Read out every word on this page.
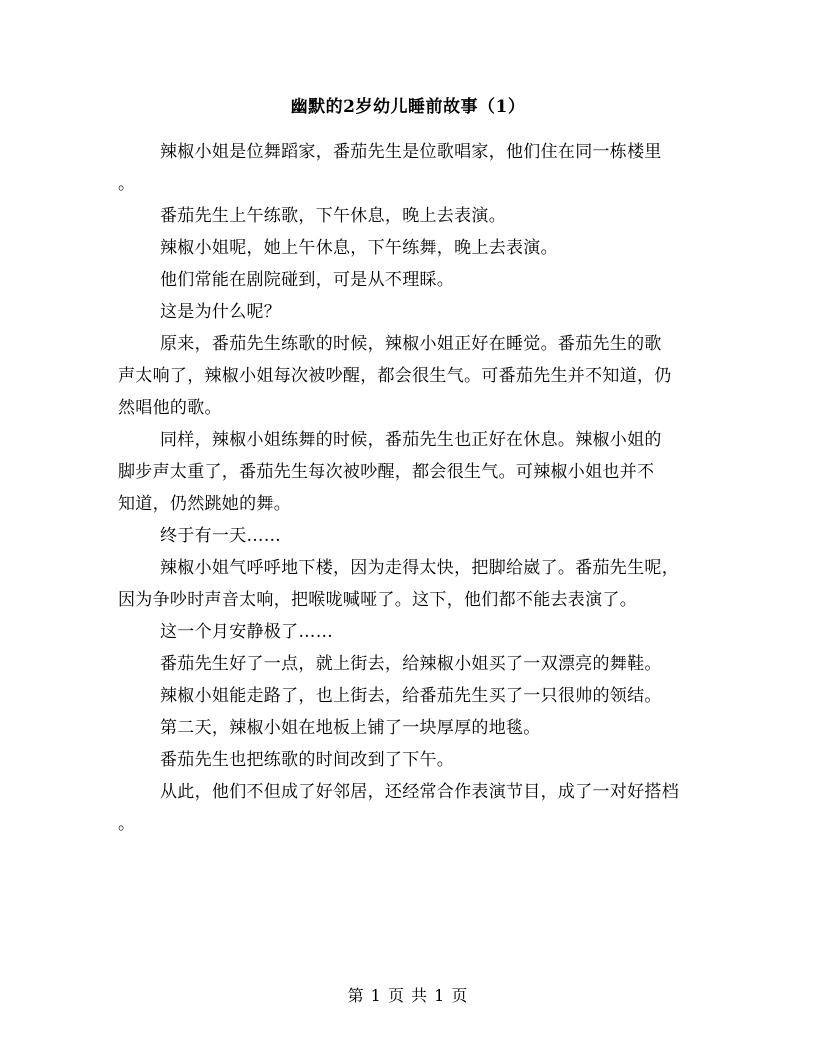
幽默的2岁幼儿睡前故事（1）

辣椒小姐是位舞蹈家，番茄先生是位歌唱家，他们住在同一栋楼里
。

番茄先生上午练歌，下午休息，晚上去表演。

辣椒小姐呢，她上午休息，下午练舞，晚上去表演。

他们常能在剧院碰到，可是从不理睬。

这是为什么呢？

原来，番茄先生练歌的时候，辣椒小姐正好在睡觉。番茄先生的歌
声太响了，辣椒小姐每次被吵醒，都会很生气。可番茄先生并不知道，仍
然唱他的歌。

同样，辣椒小姐练舞的时候，番茄先生也正好在休息。辣椒小姐的
脚步声太重了，番茄先生每次被吵醒，都会很生气。可辣椒小姐也并不
知道，仍然跳她的舞。

终于有一天……

辣椒小姐气呼呼地下楼，因为走得太快，把脚给崴了。番茄先生呢，
因为争吵时声音太响，把喉咙喊哑了。这下，他们都不能去表演了。

这一个月安静极了……

番茄先生好了一点，就上街去，给辣椒小姐买了一双漂亮的舞鞋。

辣椒小姐能走路了，也上街去，给番茄先生买了一只很帅的领结。

第二天，辣椒小姐在地板上铺了一块厚厚的地毯。

番茄先生也把练歌的时间改到了下午。

从此，他们不但成了好邻居，还经常合作表演节目，成了一对好搭档
。

第 1 页 共 1 页
